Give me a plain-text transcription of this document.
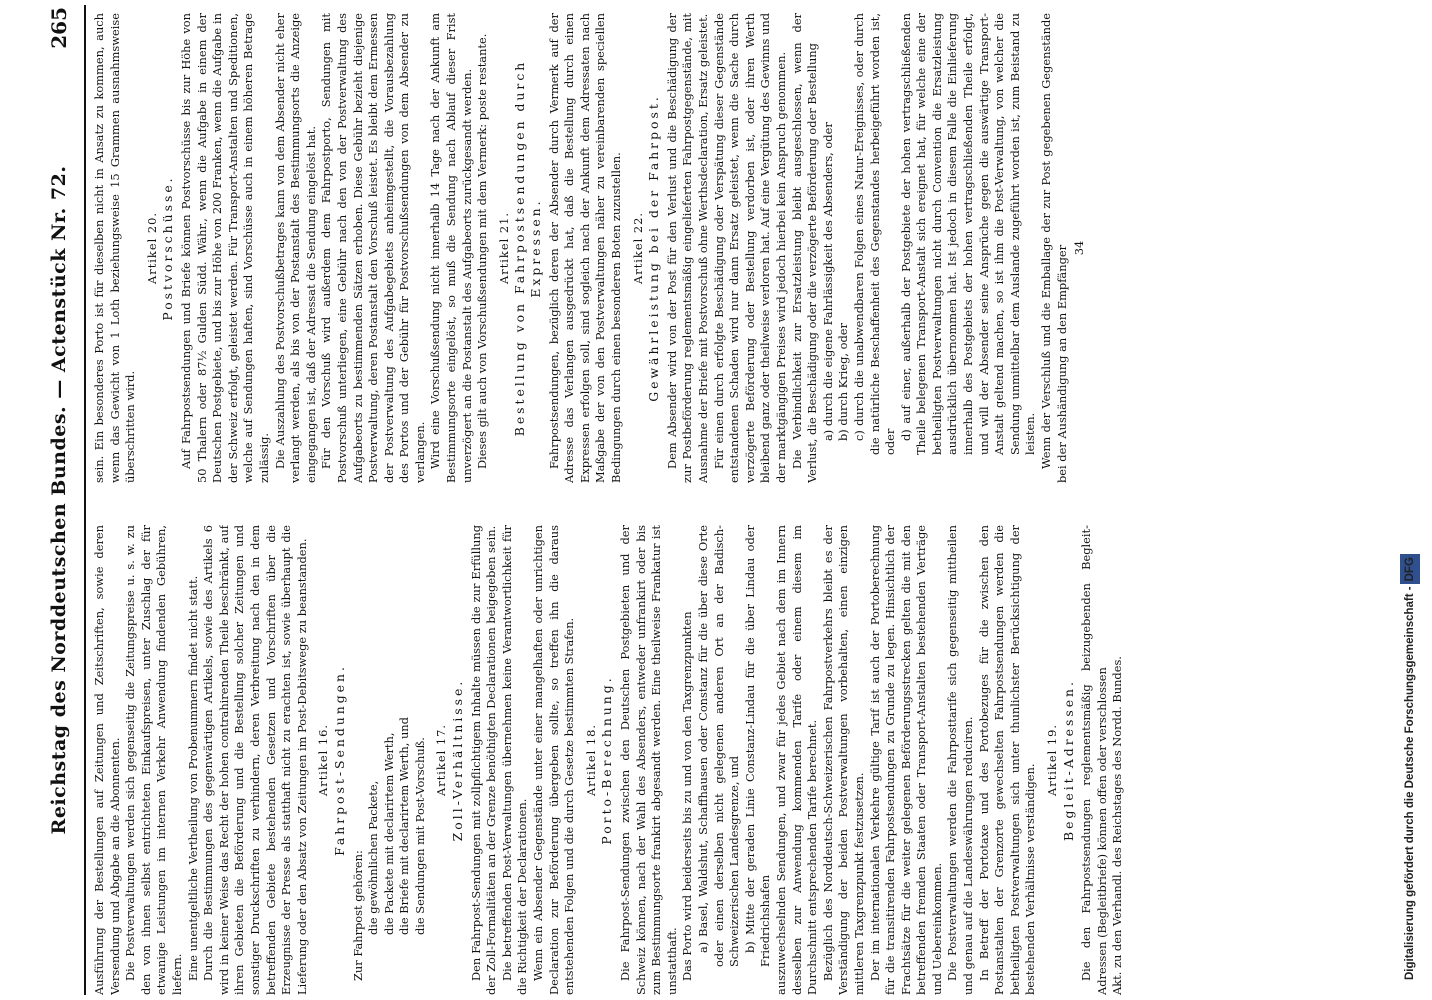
Reichstag des Norddeutschen Bundes. — Actenstück Nr. 72.
265

Ausführung der Bestellungen auf Zeitungen und Zeitschriften, sowie deren Versendung und Abgabe an die Abonnenten. Die Postverwaltungen werden sich gegenseitig die Zeitungspreise u. s. w. zu den von ihnen selbst entrichteten Einkaufspreisen, unter Zuschlag der für etwanige Leistungen im internen Verkehr Anwendung findenden Gebühren, liefern. Eine unentgeltliche Vertheilung von Probenummern findet nicht statt. Durch die Bestimmungen des gegenwärtigen Artikels, sowie des Artikels 6 wird in keiner Weise das Recht der hohen contrahirenden Theile beschränkt, auf ihren Gebieten die Beförderung und die Bestellung solcher Zeitungen und sonstiger Druckschriften zu verhindern, deren Verbreitung nach den in dem betreffenden Gebiete bestehenden Gesetzen und Vorschriften über die Erzeugnisse der Presse als statthaft nicht zu erachten ist, sowie überhaupt die Lieferung oder den Absatz von Zeitungen im Post-Debitswege zu beanstanden. Artikel 16. Fahrpost-Sendungen.

Zur Fahrpost gehören: die gewöhnlichen Packete, die Packete mit declarirtem Werth, die Briefe mit declarirtem Werth, und die Sendungen mit Post-Vorschuß. Artikel 17. Zoll-Verhältnisse. Den Fahrpost-Sendungen mit zollpflichtigem Inhalte müssen die zur Erfüllung der Zoll-Formalitäten an der Grenze benöthigten Declarationen beigegeben sein. Die betreffenden Post-Verwaltungen übernehmen keine Verantwortlichkeit für die Richtigkeit der Declarationen. Wenn ein Absender Gegenstände unter einer mangelhaften oder unrichtigen Declaration zur Beförderung übergeben sollte, so treffen ihn die daraus entstehenden Folgen und die durch Gesetze bestimmten Strafen. Artikel 18. Porto-Berechnung. Die Fahrpost-Sendungen zwischen den Deutschen Postgebieten und der Schweiz können, nach der Wahl des Absenders, entweder unfrankirt oder bis zum Bestimmungsorte frankirt abgesandt werden. Eine theilweise Frankatur ist unstatthaft. Das Porto wird beiderseits bis zu und von den Taxgrenzpunkten a) Basel, Waldshut, Schaffhausen oder Constanz für die über diese Orte oder einen derselben nicht gelegenen anderen Ort an der Badisch-Schweizerischen Landesgrenze, und b) Mitte der geraden Linie Constanz-Lindau für die über Lindau oder Friedrichshafen auszuwechselnden Sendungen, und zwar für jedes Gebiet nach dem im Innern desselben zur Anwendung kommenden Tarife oder einem diesem im Durchschnitt entsprechenden Tarife berechnet. Bezüglich des Norddeutsch-Schweizerischen Fahrpostverkehrs bleibt es der Verständigung der beiden Postverwaltungen vorbehalten, einen einzigen mittleren Taxgrenzpunkt festzusetzen. Der im internationalen Verkehre gültige Tarif ist auch der Portoberechnung für die transitirenden Fahrpostsendungen zu Grunde zu legen. Hinsichtlich der Frachtsätze für die weiter gelegenen Beförderungsstrecken gelten die mit den betreffenden fremden Staaten oder Transport-Anstalten bestehenden Verträge und Uebereinkommen. Die Postverwaltungen werden die Fahrposttarife sich gegenseitig mittheilen und genau auf die Landeswährungen reduciren. In Betreff der Portotaxe und des Portobezuges für die zwischen den Postanstalten der Grenzorte gewechselten Fahrpostsendungen werden die betheiligten Postverwaltungen sich unter thunlichster Berücksichtigung der bestehenden Verhältnisse verständigen.

Artikel 19. Begleit-Adressen. Die den Fahrpostsendungen reglementsmäßig beizugebenden Begleit-Adressen (Begleitbriefe) können offen oder verschlossen Akt. zu den Verhandl. des Reichstages des Nordd. Bundes.

sein. Ein besonderes Porto ist für dieselben nicht in Ansatz zu kommen, auch wenn das Gewicht von 1 Loth beziehungsweise 15 Grammen ausnahmsweise überschritten wird.

Artikel 20. Postvorschüsse. Auf Fahrpostsendungen und Briefe können Postvorschüsse bis zur Höhe von 50 Thalern oder 87½ Gulden Südd. Währ., wenn die Aufgabe in einem der Deutschen Postgebiete, und bis zur Höhe von 200 Franken, wenn die Aufgabe in der Schweiz erfolgt, geleistet werden. Für Transport-Anstalten und Speditionen, welche auf Sendungen haften, sind Vorschüsse auch in einem höheren Betrage zulässig. Die Auszahlung des Postvorschußbetrages kann von dem Absender nicht eher verlangt werden, als bis von der Postanstalt des Bestimmungsorts die Anzeige eingegangen ist, daß der Adressat die Sendung eingelöst hat. Für den Vorschuß wird außerdem dem Fahrpostporto, Sendungen mit Postvorschuß unterliegen, eine Gebühr nach den von der Postverwaltung des Aufgabeorts zu bestimmenden Sätzen erhoben. Diese Gebühr bezieht diejenige Postverwaltung, deren Postanstalt den Vorschuß leistet. Es bleibt dem Ermessen der Postverwaltung des Aufgabegebiets anheimgestellt, die Vorausbezahlung des Portos und der Gebühr für Postvorschußsendungen von dem Absender zu verlangen. Wird eine Vorschußsendung nicht innerhalb 14 Tage nach der Ankunft am Bestimmungsorte eingelöst, so muß die Sendung nach Ablauf dieser Frist unverzögert an die Postanstalt des Aufgabeorts zurückgesandt werden. Dieses gilt auch von Vorschußsendungen mit dem Vermerk: poste restante. Artikel 21. Bestellung von Fahrpostsendungen durch Expressen. Fahrpostsendungen, bezüglich deren der Absender durch Vermerk auf der Adresse das Verlangen ausgedrückt hat, daß die Bestellung durch einen Expressen erfolgen soll, sind sogleich nach der Ankunft dem Adressaten nach Maßgabe der von den Postverwaltungen näher zu vereinbarenden speciellen Bedingungen durch einen besonderen Boten zuzustellen. Artikel 22. Gewährleistung bei der Fahrpost. Dem Absender wird von der Post für den Verlust und die Beschädigung der zur Postbeförderung reglementsmäßig eingelieferten Fahrpostgegenstände, mit Ausnahme der Briefe mit Postvorschuß ohne Werthsdeclaration, Ersatz geleistet. Für einen durch erfolgte Beschädigung oder Verspätung dieser Gegenstände entstandenen Schaden wird nur dann Ersatz geleistet, wenn die Sache durch verzögerte Beförderung oder Bestellung verdorben ist, oder ihren Werth bleibend ganz oder theilweise verloren hat. Auf eine Vergütung des Gewinns und der marktgängigen Preises wird jedoch hierbei kein Anspruch genommen. Die Verbindlichkeit zur Ersatzleistung bleibt ausgeschlossen, wenn der Verlust, die Beschädigung oder die verzögerte Beförderung oder Bestellung a) durch die eigene Fahrlässigkeit des Absenders, oder b) durch Krieg, oder c) durch die unabwendbaren Folgen eines Natur-Ereignisses, oder durch die natürliche Beschaffenheit des Gegenstandes herbeigeführt worden ist, oder

d) auf einer, außerhalb der Postgebiete der hohen vertragschließenden Theile belegenen Transport-Anstalt sich ereignet hat, für welche eine der betheiligten Postverwaltungen nicht durch Convention die Ersatzleistung ausdrücklich übernommen hat. Ist jedoch in diesem Falle die Einlieferung innerhalb des Postgebiets der hohen vertragschließenden Theile erfolgt, und will der Absender seine Ansprüche gegen die auswärtige Transport-Anstalt geltend machen, so ist ihm die Post-Verwaltung, von welcher die Sendung unmittelbar dem Auslande zugeführt worden ist, zum Beistand zu leisten. Wenn der Verschluß und die Emballage der zur Post gegebenen Gegenstände bei der Aushändigung an den Empfänger 34
Digitalisierung gefördert durch die Deutsche Forschungsgemeinschaft -DFG
